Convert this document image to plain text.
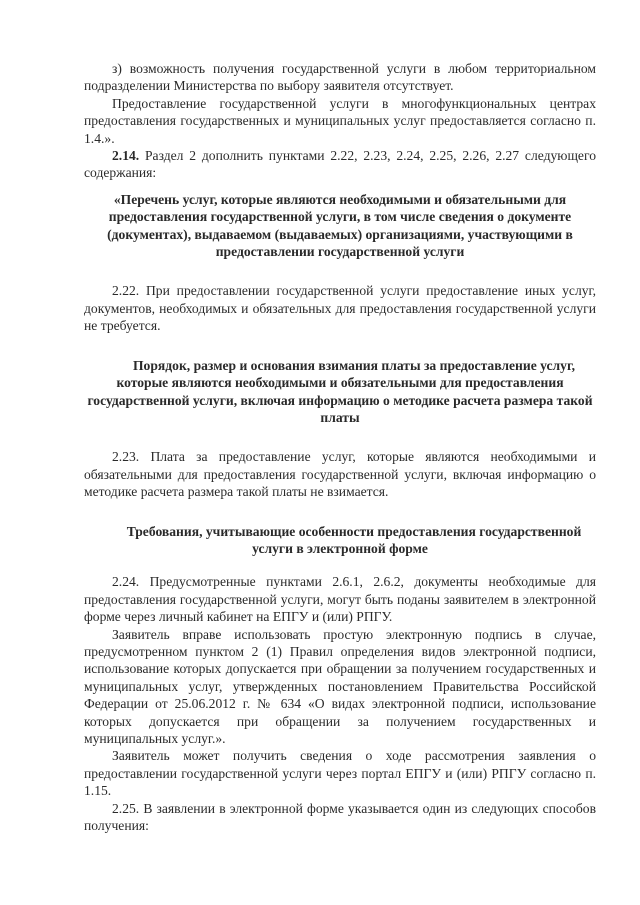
з) возможность получения государственной услуги в любом территориальном подразделении Министерства по выбору заявителя отсутствует.

Предоставление государственной услуги в многофункциональных центрах предоставления государственных и муниципальных услуг предоставляется согласно п. 1.4.».

2.14. Раздел 2 дополнить пунктами 2.22, 2.23, 2.24, 2.25, 2.26, 2.27 следующего содержания:

«Перечень услуг, которые являются необходимыми и обязательными для предоставления государственной услуги, в том числе сведения о документе (документах), выдаваемом (выдаваемых) организациями, участвующими в предоставлении государственной услуги

2.22. При предоставлении государственной услуги предоставление иных услуг, документов, необходимых и обязательных для предоставления государственной услуги не требуется.

Порядок, размер и основания взимания платы за предоставление услуг, которые являются необходимыми и обязательными для предоставления государственной услуги, включая информацию о методике расчета размера такой платы

2.23. Плата за предоставление услуг, которые являются необходимыми и обязательными для предоставления государственной услуги, включая информацию о методике расчета размера такой платы не взимается.

Требования, учитывающие особенности предоставления государственной услуги в электронной форме

2.24. Предусмотренные пунктами 2.6.1, 2.6.2, документы необходимые для предоставления государственной услуги, могут быть поданы заявителем в электронной форме через личный кабинет на ЕПГУ и (или) РПГУ.

Заявитель вправе использовать простую электронную подпись в случае, предусмотренном пунктом 2 (1) Правил определения видов электронной подписи, использование которых допускается при обращении за получением государственных и муниципальных услуг, утвержденных постановлением Правительства Российской Федерации от 25.06.2012 г. № 634 «О видах электронной подписи, использование которых допускается при обращении за получением государственных и муниципальных услуг.».

Заявитель может получить сведения о ходе рассмотрения заявления о предоставлении государственной услуги через портал ЕПГУ и (или) РПГУ согласно п. 1.15.

2.25. В заявлении в электронной форме указывается один из следующих способов получения:
